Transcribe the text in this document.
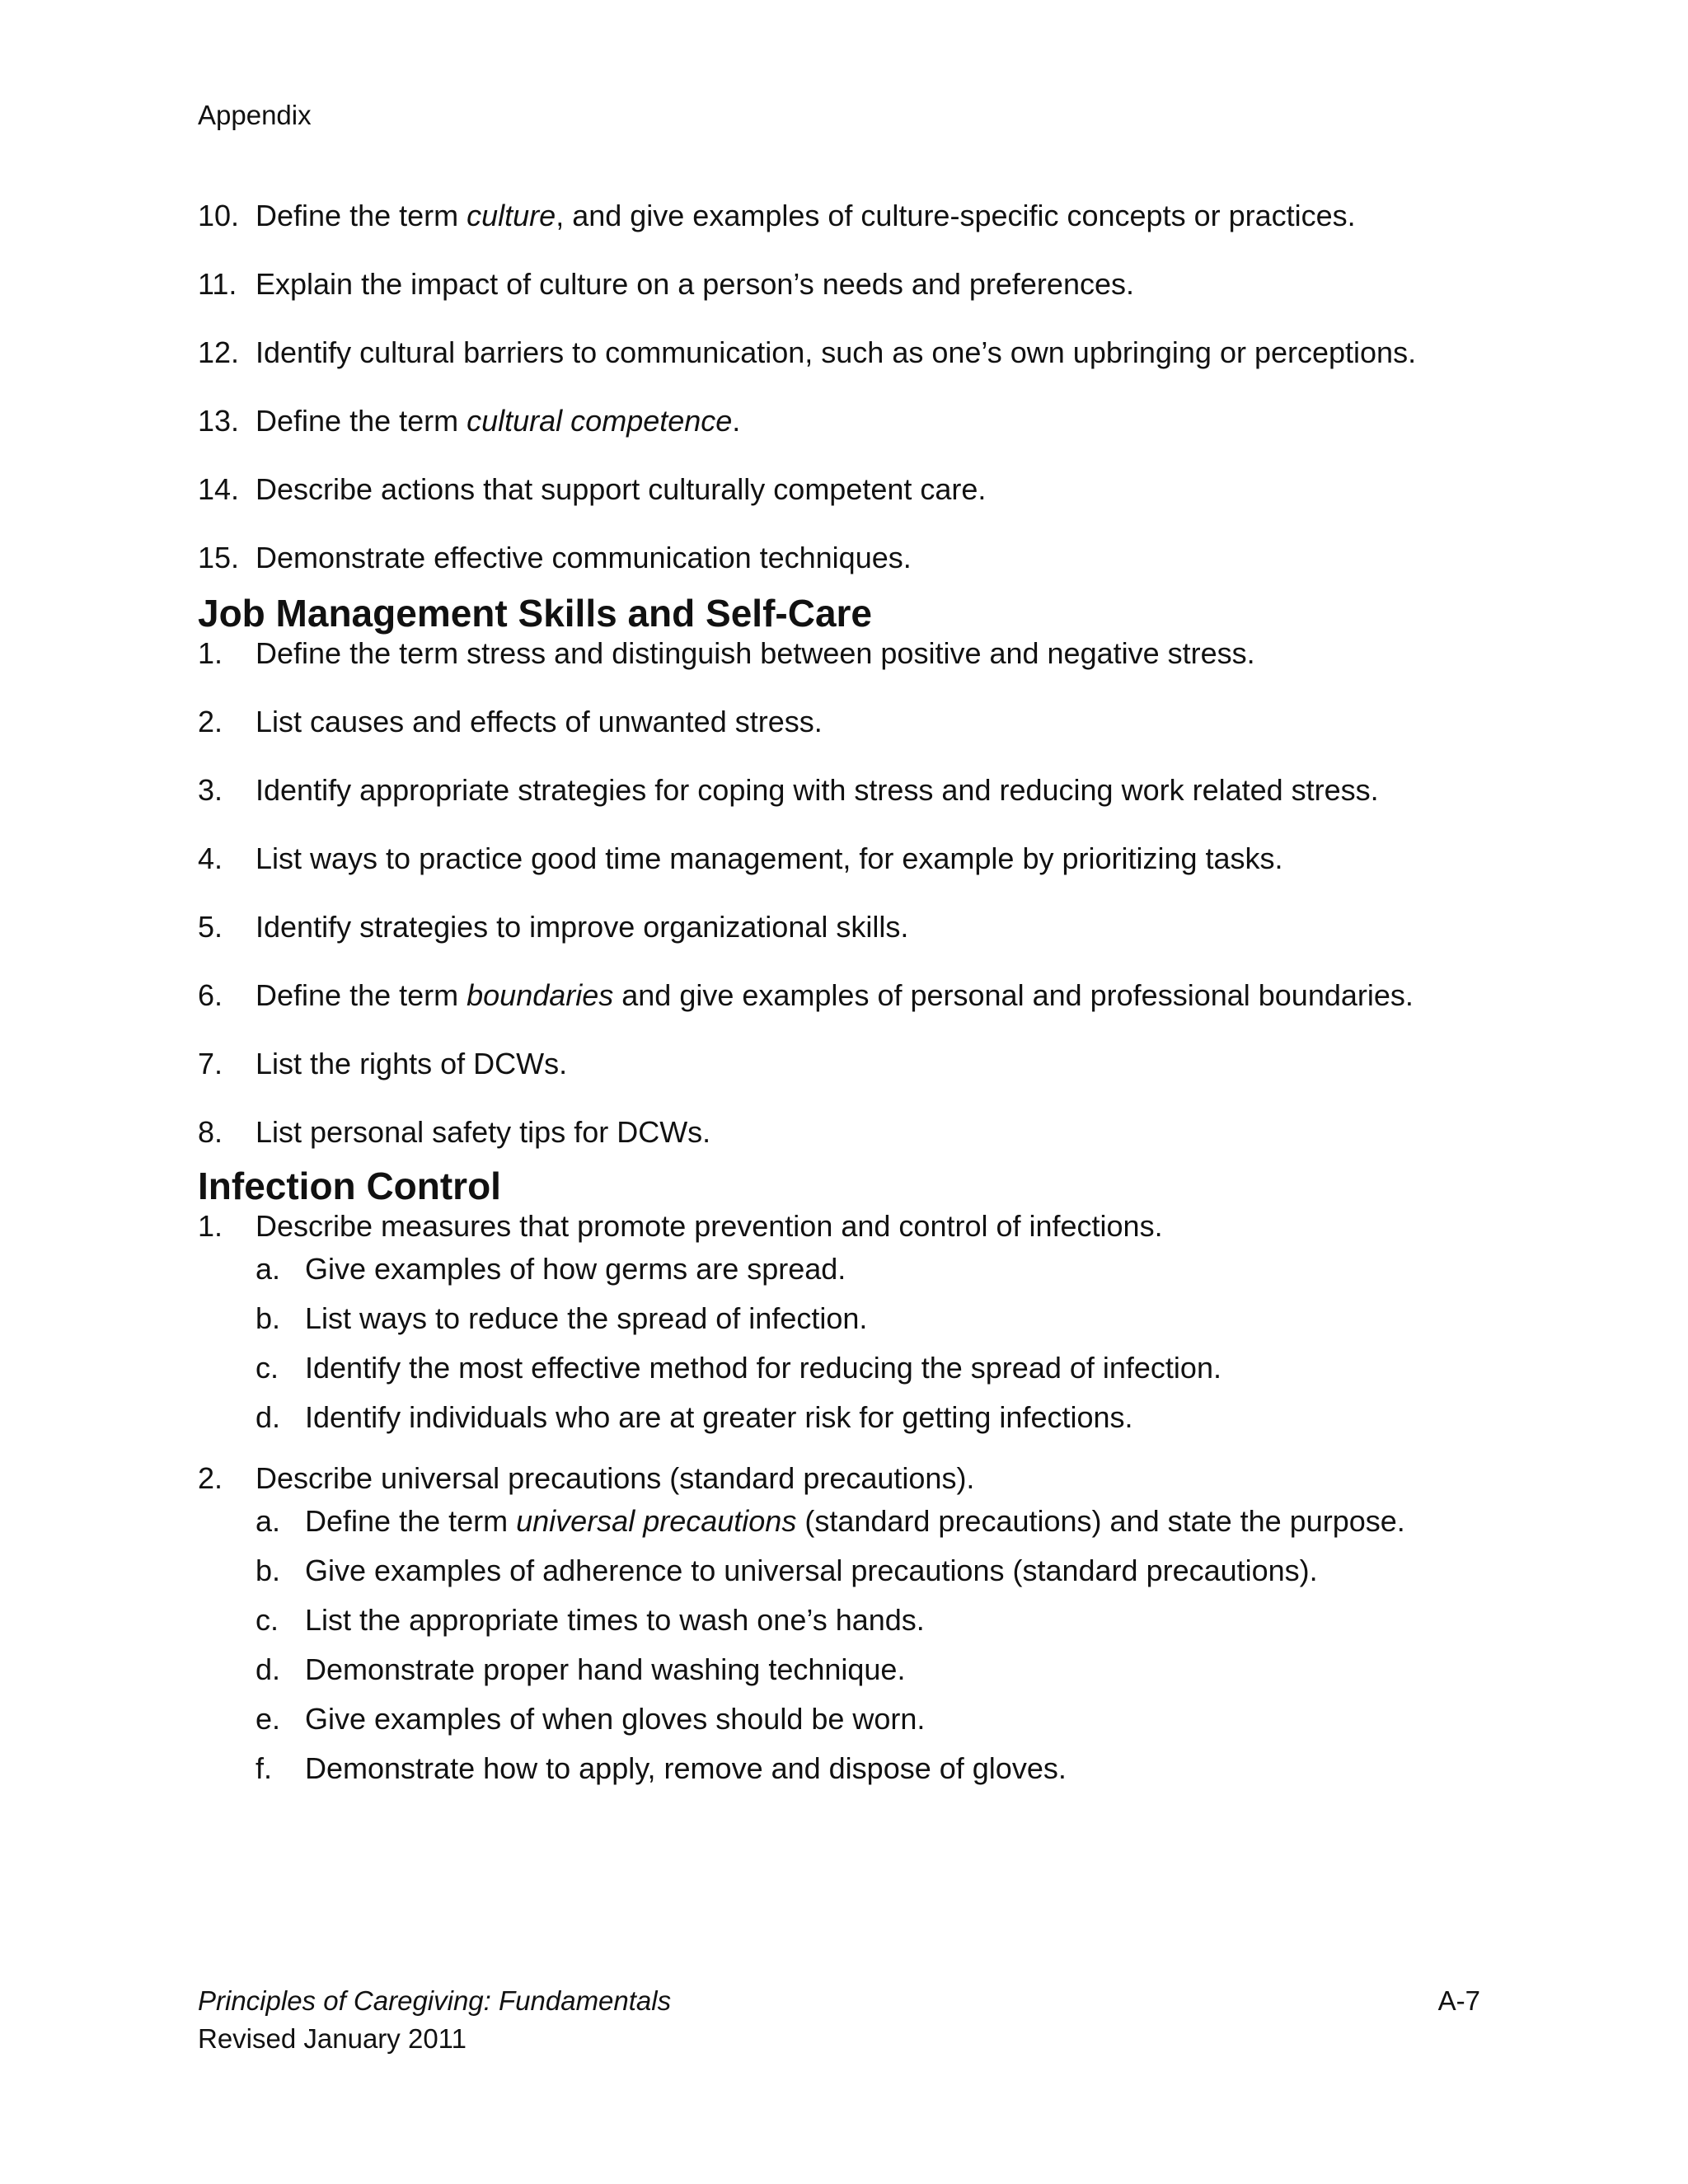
Appendix
10. Define the term culture, and give examples of culture-specific concepts or practices.
11. Explain the impact of culture on a person’s needs and preferences.
12. Identify cultural barriers to communication, such as one’s own upbringing or perceptions.
13. Define the term cultural competence.
14. Describe actions that support culturally competent care.
15. Demonstrate effective communication techniques.
Job Management Skills and Self-Care
1.	Define the term stress and distinguish between positive and negative stress.
2.	List causes and effects of unwanted stress.
3.	Identify appropriate strategies for coping with stress and reducing work related stress.
4.	List ways to practice good time management, for example by prioritizing tasks.
5.	Identify strategies to improve organizational skills.
6.	Define the term boundaries and give examples of personal and professional boundaries.
7.	List the rights of DCWs.
8.	List personal safety tips for DCWs.
Infection Control
1.	Describe measures that promote prevention and control of infections.
a. Give examples of how germs are spread.
b. List ways to reduce the spread of infection.
c. Identify the most effective method for reducing the spread of infection.
d. Identify individuals who are at greater risk for getting infections.
2.	Describe universal precautions (standard precautions).
a. Define the term universal precautions (standard precautions) and state the purpose.
b. Give examples of adherence to universal precautions (standard precautions).
c. List the appropriate times to wash one’s hands.
d. Demonstrate proper hand washing technique.
e. Give examples of when gloves should be worn.
f.	Demonstrate how to apply, remove and dispose of gloves.
Principles of Caregiving: Fundamentals
Revised January 2011
A-7
